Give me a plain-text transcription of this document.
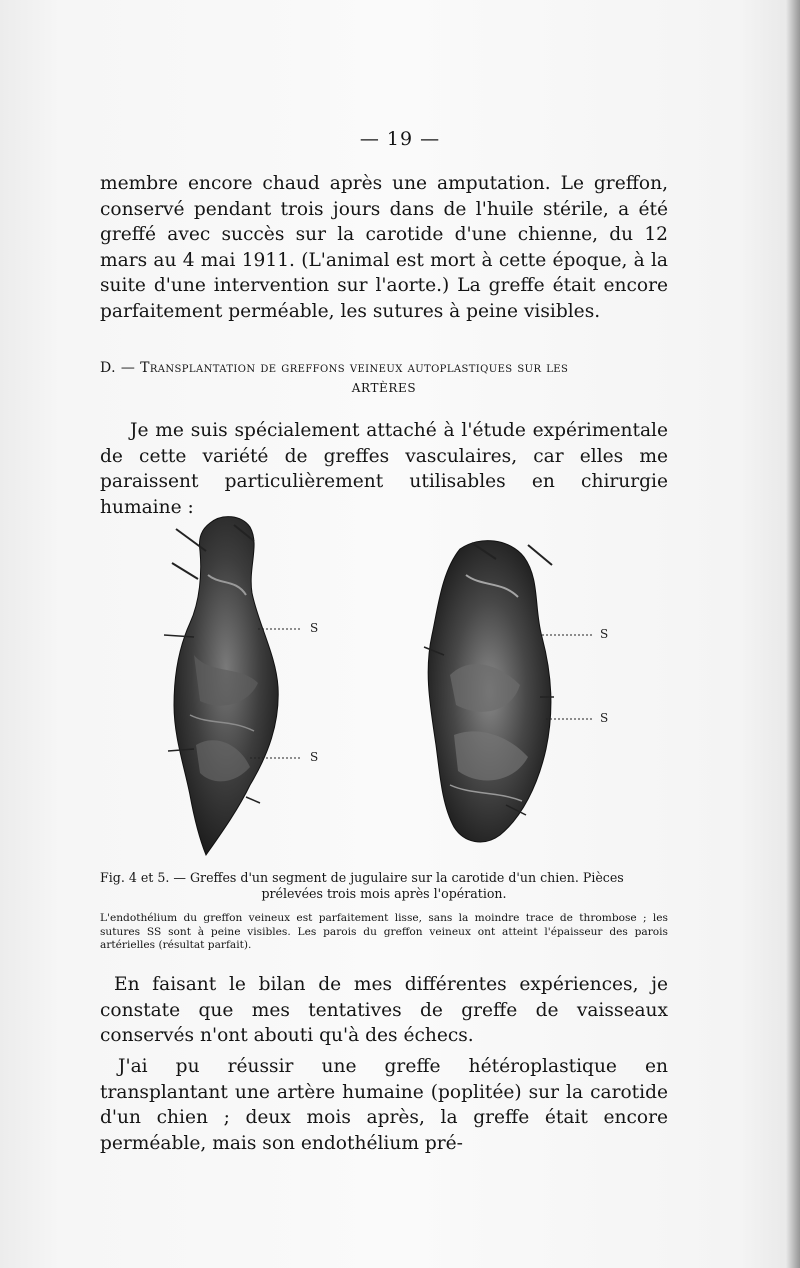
— 19 —

membre encore chaud après une amputation. Le greffon, conservé pendant trois jours dans de l'huile stérile, a été greffé avec succès sur la carotide d'une chienne, du 12 mars au 4 mai 1911. (L'animal est mort à cette époque, à la suite d'une intervention sur l'aorte.) La greffe était encore parfaitement perméable, les sutures à peine visibles.

D. — Transplantation de greffons veineux autoplastiques sur les

ARTÈRES

Je me suis spécialement attaché à l'étude expérimentale de cette variété de greffes vasculaires, car elles me paraissent particulièrement utilisables en chirurgie humaine :

S
S
S
S

Fig. 4 et 5. — Greffes d'un segment de jugulaire sur la carotide d'un chien. Pièces
prélevées trois mois après l'opération.

L'endothélium du greffon veineux est parfaitement lisse, sans la moindre trace de thrombose ; les sutures SS sont à peine visibles. Les parois du greffon veineux ont atteint l'épaisseur des parois artérielles (résultat parfait).

En faisant le bilan de mes différentes expériences, je constate que mes tentatives de greffe de vaisseaux conservés n'ont abouti qu'à des échecs.

J'ai pu réussir une greffe hétéroplastique en transplantant une artère humaine (poplitée) sur la carotide d'un chien ; deux mois après, la greffe était encore perméable, mais son endothélium pré-
